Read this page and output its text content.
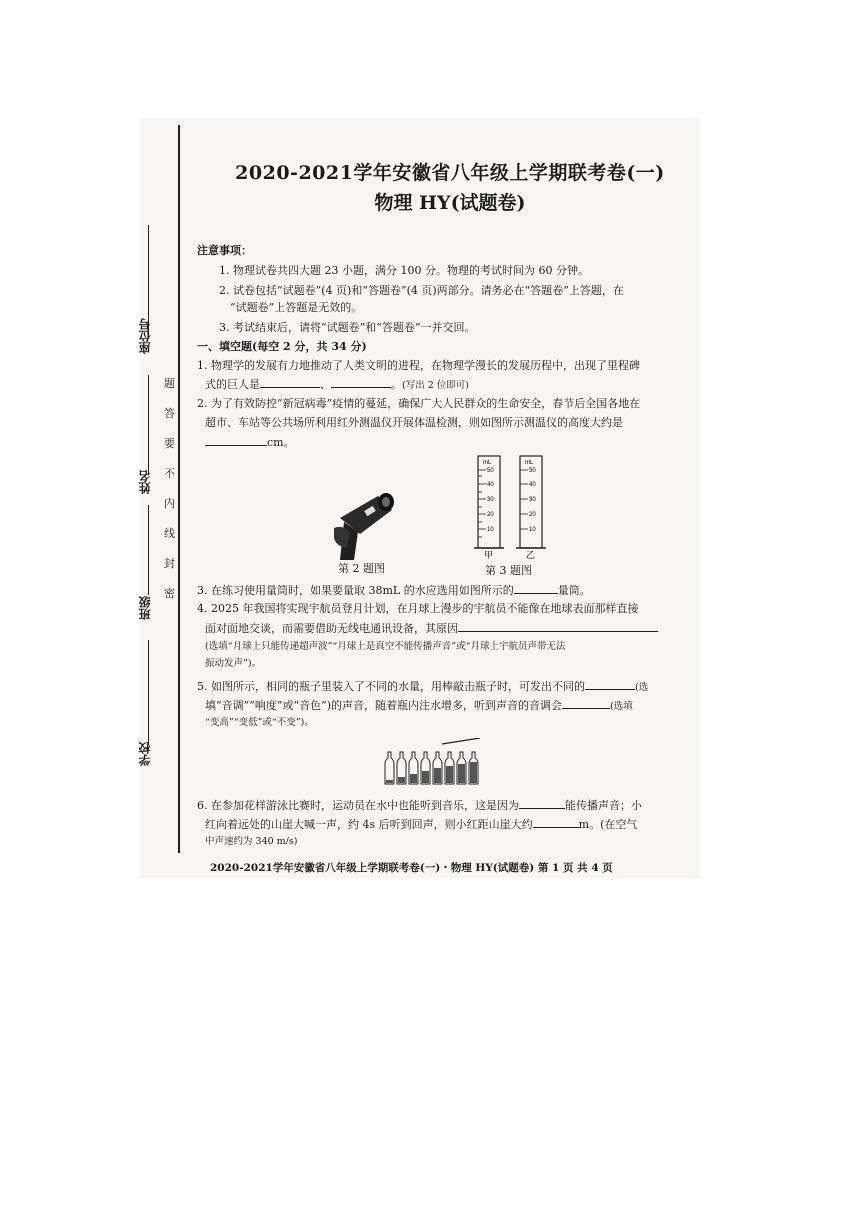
座位号
姓名
班级
学校
题
答
要
不
内
线
封
密
2020-2021学年安徽省八年级上学期联考卷(一)
物理 HY(试题卷)
注意事项：
1. 物理试卷共四大题 23 小题，满分 100 分。物理的考试时间为 60 分钟。
2. 试卷包括“试题卷”(4 页)和“答题卷”(4 页)两部分。请务必在“答题卷”上答题，在
“试题卷”上答题是无效的。
3. 考试结束后，请将“试题卷”和“答题卷”一并交回。
一、填空题(每空 2 分，共 34 分)
1. 物理学的发展有力地推动了人类文明的进程，在物理学漫长的发展历程中，出现了里程碑
式的巨人是	、	。(写出 2 位即可)
2. 为了有效防控“新冠病毒”疫情的蔓延，确保广大人民群众的生命安全，春节后全国各地在
超市、车站等公共场所利用红外测温仪开展体温检测，则如图所示测温仪的高度大约是
cm。
第 2 题图
mL	mL
50
40
30
20
10
50
40
30
20
10
甲	乙
第 3 题图
3. 在练习使用量筒时，如果要量取 38mL 的水应选用如图所示的	量筒。
4. 2025 年我国将实现宇航员登月计划，在月球上漫步的宇航员不能像在地球表面那样直接
面对面地交谈，而需要借助无线电通讯设备，其原因
(选填“月球上只能传递超声波”“月球上是真空不能传播声音”或“月球上宇航员声带无法
振动发声”)。
5. 如图所示，相同的瓶子里装入了不同的水量，用棒敲击瓶子时，可发出不同的	(选
填“音调”“响度”或“音色”)的声音，随着瓶内注水增多，听到声音的音调会	(选填
“变高”“变低”或“不变”)。
6. 在参加花样游泳比赛时，运动员在水中也能听到音乐，这是因为	能传播声音；小
红向着远处的山崖大喊一声，约 4s 后听到回声，则小红距山崖大约	m。(在空气
中声速约为 340 m/s)
2020-2021学年安徽省八年级上学期联考卷(一)・物理 HY(试题卷) 第 1 页 共 4 页
